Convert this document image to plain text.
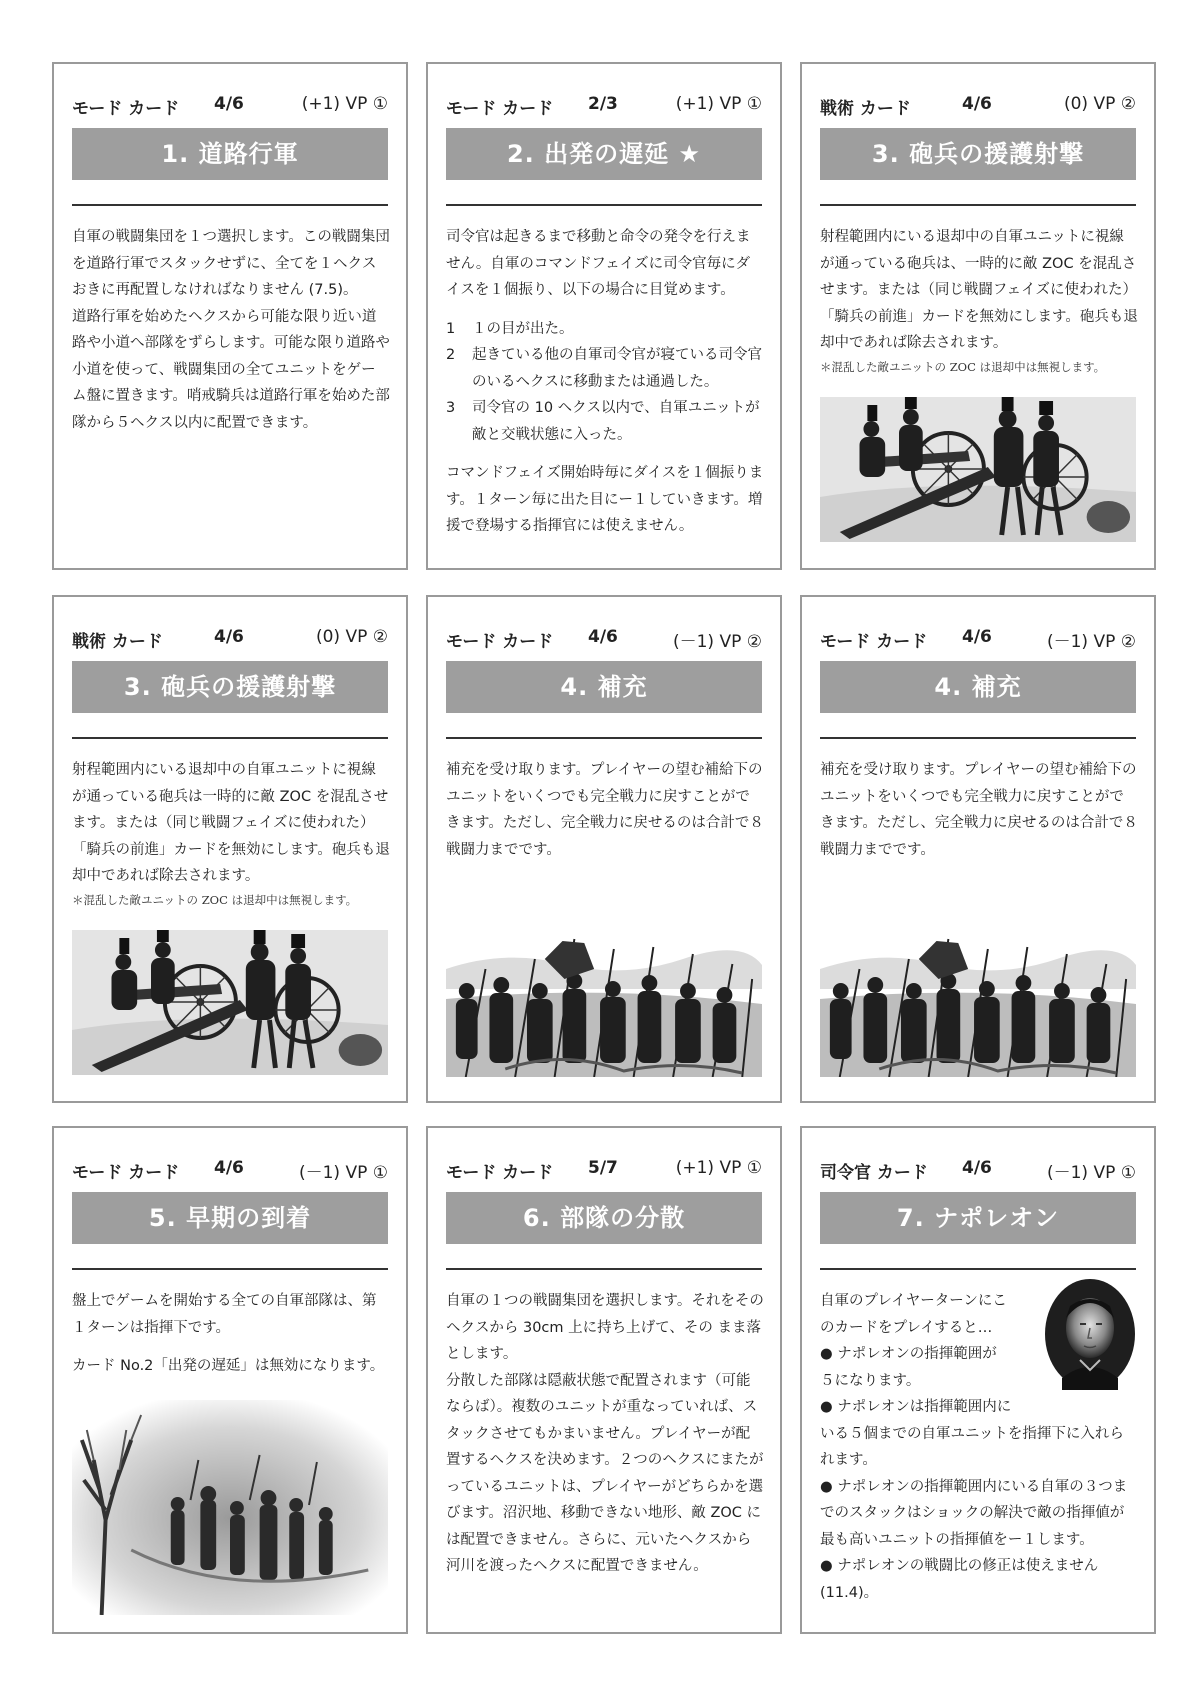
モード カード 4/6	(+1) VP ①
1. 道路行軍

自軍の戦闘集団を１つ選択します。この戦闘集団を道路行軍でスタックせずに、全てを１ヘクスおきに再配置しなければなりません (7.5)。

道路行軍を始めたヘクスから可能な限り近い道路や小道へ部隊をずらします。可能な限り道路や小道を使って、戦闘集団の全てユニットをゲーム盤に置きます。哨戒騎兵は道路行軍を始めた部隊から５ヘクス以内に配置できます。

モード カード 2/3	(+1) VP ①
2. 出発の遅延 ★

司令官は起きるまで移動と命令の発令を行えません。自軍のコマンドフェイズに司令官毎にダイスを１個振り、以下の場合に目覚めます。

1	１の目が出た。
2	起きている他の自軍司令官が寝ている司令官のいるヘクスに移動または通過した。
3	司令官の 10 ヘクス以内で、自軍ユニットが敵と交戦状態に入った。

コマンドフェイズ開始時毎にダイスを１個振ります。１ターン毎に出た目にー１していきます。増援で登場する指揮官には使えません。

戦術 カード	4/6	(0) VP ②
3. 砲兵の援護射撃

射程範囲内にいる退却中の自軍ユニットに視線が通っている砲兵は、一時的に敵 ZOC を混乱させます。または（同じ戦闘フェイズに使われた）「騎兵の前進」カードを無効にします。砲兵も退却中であれば除去されます。

＊混乱した敵ユニットの ZOC は退却中は無視します。

戦術 カード	4/6	(0) VP ②
3. 砲兵の援護射撃

射程範囲内にいる退却中の自軍ユニットに視線が通っている砲兵は一時的に敵 ZOC を混乱させます。または（同じ戦闘フェイズに使われた）「騎兵の前進」カードを無効にします。砲兵も退却中であれば除去されます。

＊混乱した敵ユニットの ZOC は退却中は無視します。

モード カード 4/6	(－1) VP ②
4. 補充

補充を受け取ります。プレイヤーの望む補給下のユニットをいくつでも完全戦力に戻すことができます。ただし、完全戦力に戻せるのは合計で８戦闘力までです。

モード カード 4/6	(－1) VP ②
4. 補充

補充を受け取ります。プレイヤーの望む補給下のユニットをいくつでも完全戦力に戻すことができます。ただし、完全戦力に戻せるのは合計で８戦闘力までです。

モード カード 4/6	(－1) VP ①
5. 早期の到着

盤上でゲームを開始する全ての自軍部隊は、第１ターンは指揮下です。

カード No.2「出発の遅延」は無効になります。

モード カード 5/7	(+1) VP ①
6. 部隊の分散

自軍の１つの戦闘集団を選択します。それをそのヘクスから 30cm 上に持ち上げて、その まま落とします。

分散した部隊は隠蔽状態で配置されます（可能ならば）。複数のユニットが重なっていれば、スタックさせてもかまいません。プレイヤーが配置するヘクスを決めます。２つのヘクスにまたがっているユニットは、プレイヤーがどちらかを選びます。沼沢地、移動できない地形、敵 ZOC には配置できません。さらに、元いたヘクスから河川を渡ったヘクスに配置できません。

司令官 カード 4/6	(－1) VP ①
7. ナポレオン
自軍のプレイヤーターンにこ
のカードをプレイすると…
● ナポレオンの指揮範囲が
５になります。
● ナポレオンは指揮範囲内に

いる５個までの自軍ユニットを指揮下に入れられます。

● ナポレオンの指揮範囲内にいる自軍の３つまでのスタックはショックの解決で敵の指揮値が最も高いユニットの指揮値をー１します。

● ナポレオンの戦闘比の修正は使えません (11.4)。
